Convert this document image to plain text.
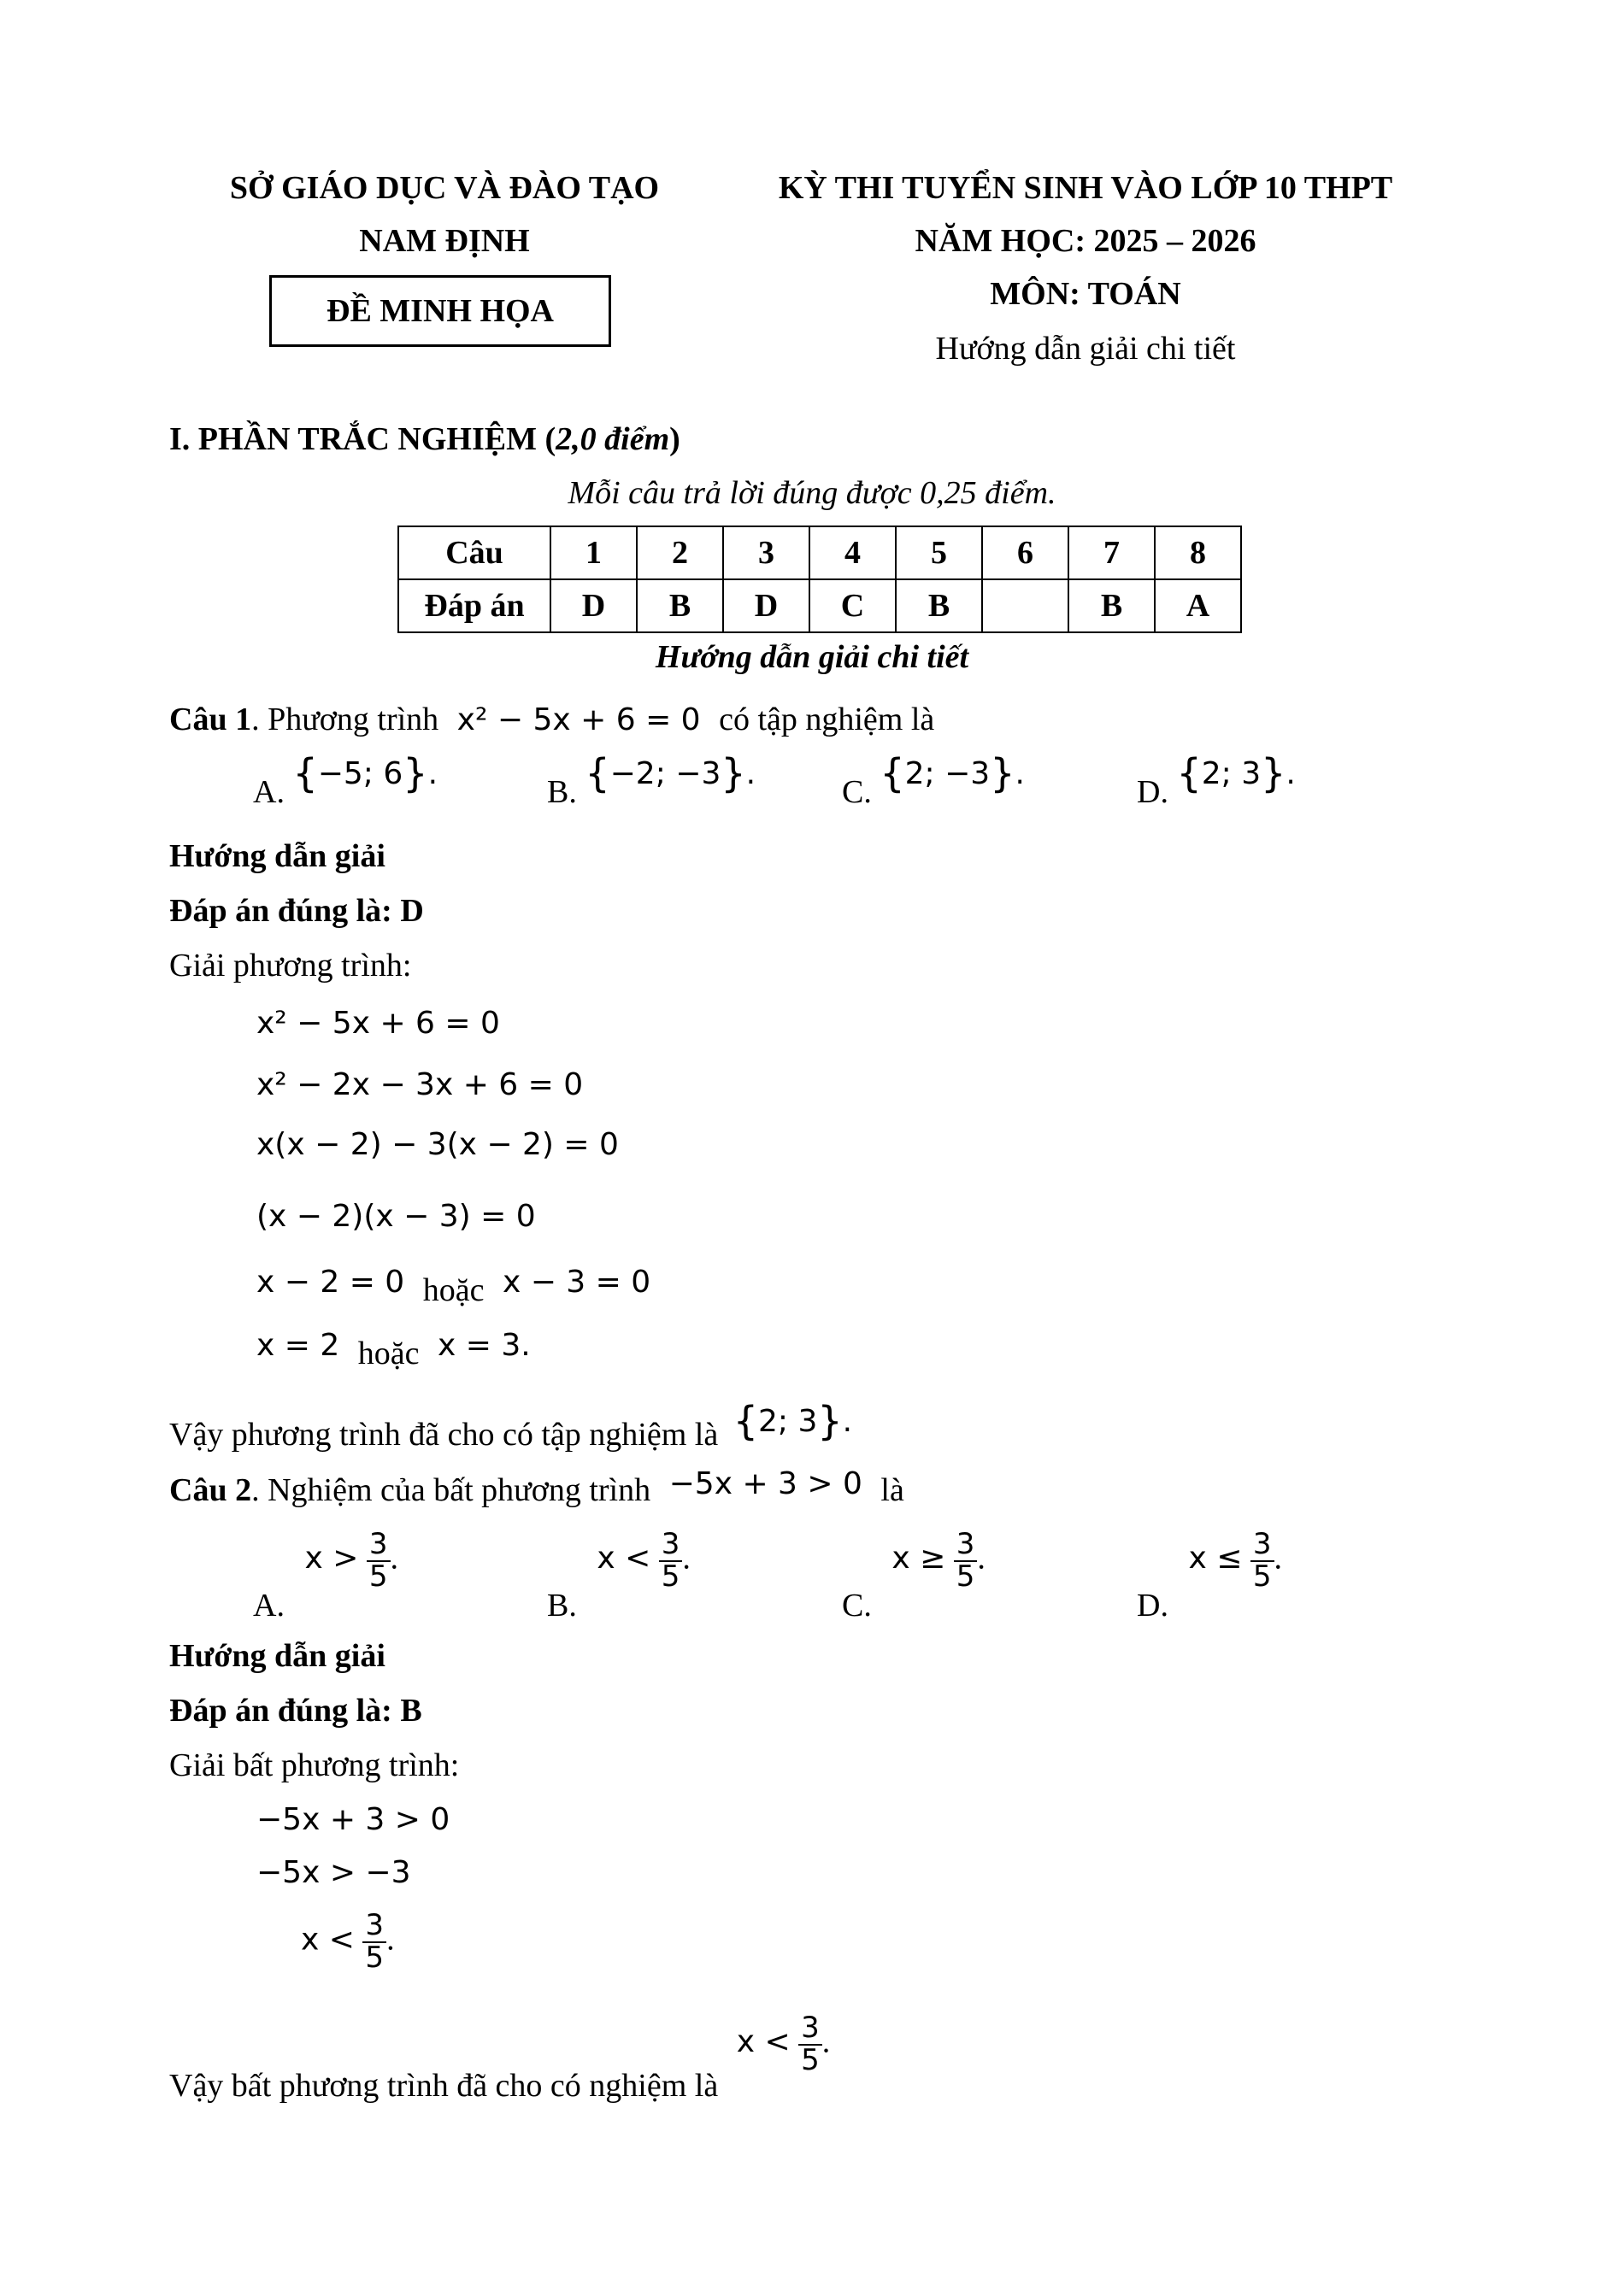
SỞ GIÁO DỤC VÀ ĐÀO TẠO
NAM ĐỊNH
ĐỀ MINH HỌA
KỲ THI TUYỂN SINH VÀO LỚP 10 THPT
NĂM HỌC: 2025 – 2026
MÔN: TOÁN
Hướng dẫn giải chi tiết
I. PHẦN TRẮC NGHIỆM (2,0 điểm)
Mỗi câu trả lời đúng được 0,25 điểm.
Câu	1	2	3	4	5	6	7	8
Đáp án	D	B	D	C	B		B	A
Hướng dẫn giải chi tiết
Câu 1. Phương trình x² − 5x + 6 = 0 có tập nghiệm là
A. {−5; 6}.
B. {−2; −3}.
C. {2; −3}.
D. {2; 3}.
Hướng dẫn giải
Đáp án đúng là: D
Giải phương trình:
x² − 5x + 6 = 0
x² − 2x − 3x + 6 = 0
x(x − 2) − 3(x − 2) = 0
(x − 2)(x − 3) = 0
x − 2 = 0 hoặc x − 3 = 0
x = 2 hoặc x = 3.
Vậy phương trình đã cho có tập nghiệm là {2; 3}.
Câu 2. Nghiệm của bất phương trình −5x + 3 > 0 là
A. $x > \frac{3}{5}$ .
B. $x < \frac{3}{5}$ .
C. $x \ge \frac{3}{5}$ .
D. $x \le \frac{3}{5}$ .
Hướng dẫn giải
Đáp án đúng là: B
Giải bất phương trình:
−5x + 3 > 0
−5x > −3
$x < \frac{3}{5}$ .
Vậy bất phương trình đã cho có nghiệm là $x < \frac{3}{5}$ .
